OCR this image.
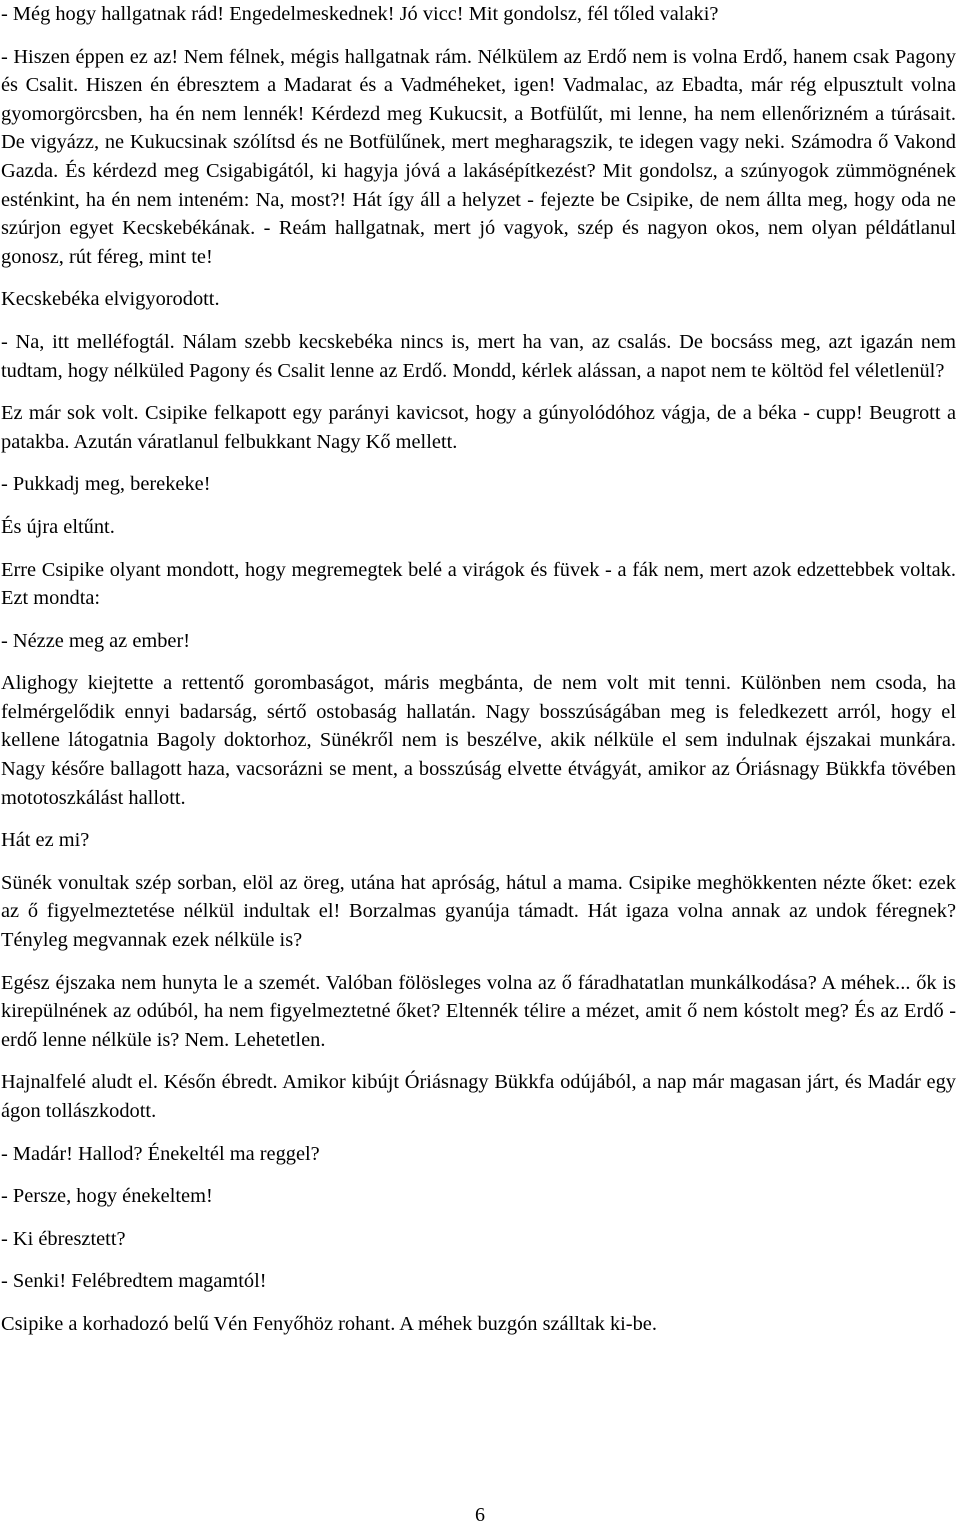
- Még hogy hallgatnak rád! Engedelmeskednek! Jó vicc! Mit gondolsz, fél tőled valaki?

- Hiszen éppen ez az! Nem félnek, mégis hallgatnak rám. Nélkülem az Erdő nem is volna Erdő, hanem csak Pagony és Csalit. Hiszen én ébresztem a Madarat és a Vadméheket, igen! Vadmalac, az Ebadta, már rég elpusztult volna gyomorgörcsben, ha én nem lennék! Kérdezd meg Kukucsit, a Botfülűt, mi lenne, ha nem ellenőrizném a túrásait. De vigyázz, ne Kukucsinak szólítsd és ne Botfülűnek, mert megharagszik, te idegen vagy neki. Számodra ő Vakond Gazda. És kérdezd meg Csigabigától, ki hagyja jóvá a lakásépítkezést? Mit gondolsz, a szúnyogok zümmögnének esténkint, ha én nem inteném: Na, most?! Hát így áll a helyzet - fejezte be Csipike, de nem állta meg, hogy oda ne szúrjon egyet Kecskebékának. - Reám hallgatnak, mert jó vagyok, szép és nagyon okos, nem olyan példátlanul gonosz, rút féreg, mint te!

Kecskebéka elvigyorodott.

- Na, itt melléfogtál. Nálam szebb kecskebéka nincs is, mert ha van, az csalás. De bocsáss meg, azt igazán nem tudtam, hogy nélküled Pagony és Csalit lenne az Erdő. Mondd, kérlek alássan, a napot nem te költöd fel véletlenül?

Ez már sok volt. Csipike felkapott egy parányi kavicsot, hogy a gúnyolódóhoz vágja, de a béka - cupp! Beugrott a patakba. Azután váratlanul felbukkant Nagy Kő mellett.

- Pukkadj meg, berekeke!

És újra eltűnt.

Erre Csipike olyant mondott, hogy megremegtek belé a virágok és füvek - a fák nem, mert azok edzettebbek voltak. Ezt mondta:

- Nézze meg az ember!

Alighogy kiejtette a rettentő gorombaságot, máris megbánta, de nem volt mit tenni. Különben nem csoda, ha felmérgelődik ennyi badarság, sértő ostobaság hallatán. Nagy bosszúságában meg is feledkezett arról, hogy el kellene látogatnia Bagoly doktorhoz, Sünékről nem is beszélve, akik nélküle el sem indulnak éjszakai munkára. Nagy későre ballagott haza, vacsorázni se ment, a bosszúság elvette étvágyát, amikor az Óriásnagy Bükkfa tövében mototoszkálást hallott.

Hát ez mi?

Sünék vonultak szép sorban, elöl az öreg, utána hat apróság, hátul a mama. Csipike meghökkenten nézte őket: ezek az ő figyelmeztetése nélkül indultak el! Borzalmas gyanúja támadt. Hát igaza volna annak az undok féregnek? Tényleg megvannak ezek nélküle is?

Egész éjszaka nem hunyta le a szemét. Valóban fölösleges volna az ő fáradhatatlan munkálkodása? A méhek... ők is kirepülnének az odúból, ha nem figyelmeztetné őket? Eltennék télire a mézet, amit ő nem kóstolt meg? És az Erdő - erdő lenne nélküle is? Nem. Lehetetlen.

Hajnalfelé aludt el. Későn ébredt. Amikor kibújt Óriásnagy Bükkfa odújából, a nap már magasan járt, és Madár egy ágon tollászkodott.

- Madár! Hallod? Énekeltél ma reggel?

- Persze, hogy énekeltem!

- Ki ébresztett?

- Senki! Felébredtem magamtól!

Csipike a korhadozó belű Vén Fenyőhöz rohant. A méhek buzgón szálltak ki-be.

6
